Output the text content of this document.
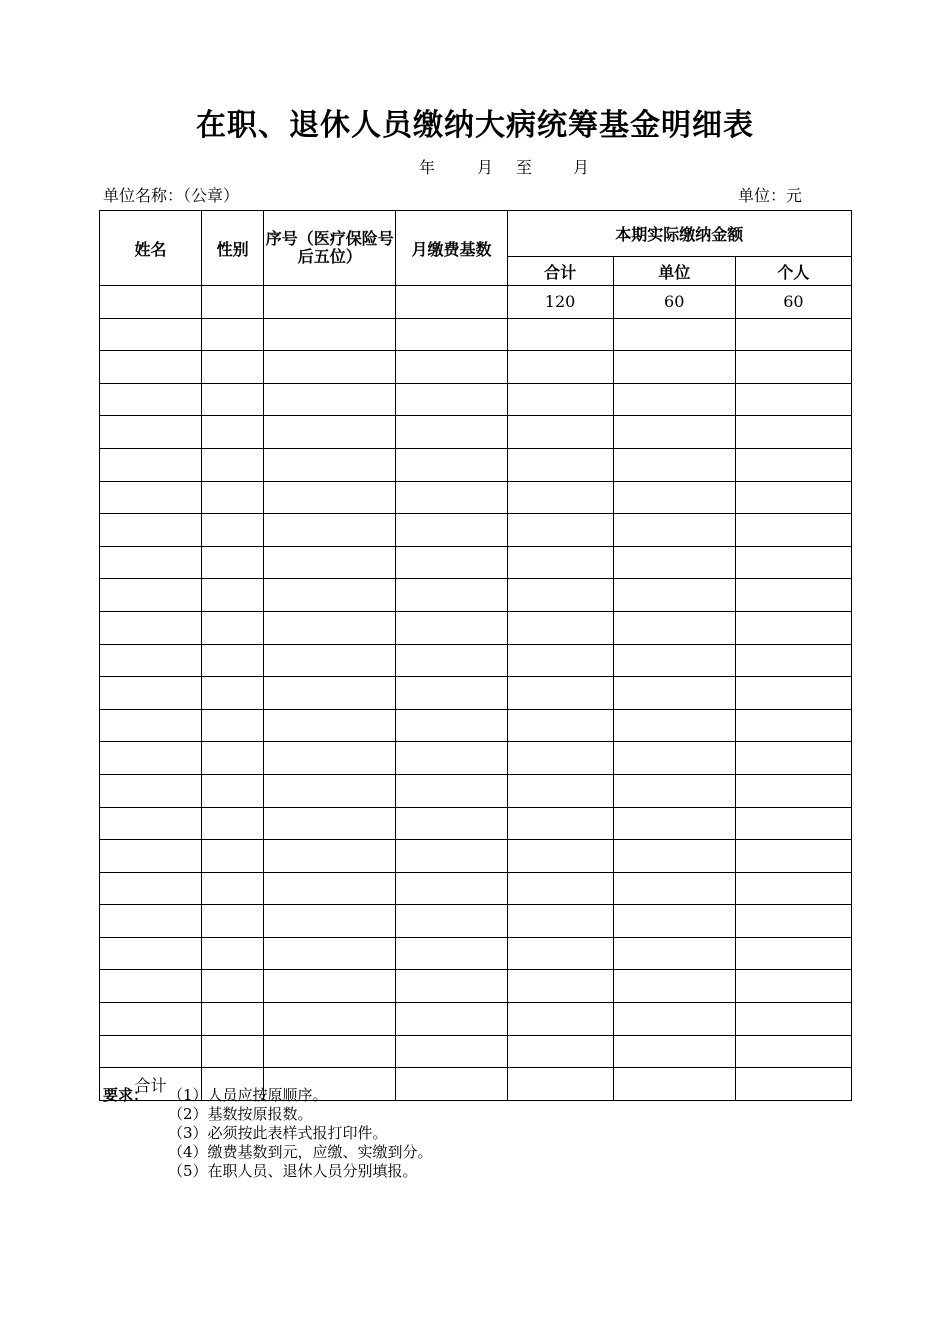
在职、退休人员缴纳大病统筹基金明细表
年	月 至	月
单位名称：（公章）	单位：元
姓名	性别	序号（医疗保险号后五位）	月缴费基数	本期实际缴纳金额		
				合计	单位	个人
				120	60	60

合计						
要求： （1）人员应按原顺序。
（2）基数按原报数。
（3）必须按此表样式报打印件。
（4）缴费基数到元，应缴、实缴到分。
（5）在职人员、退休人员分别填报。
